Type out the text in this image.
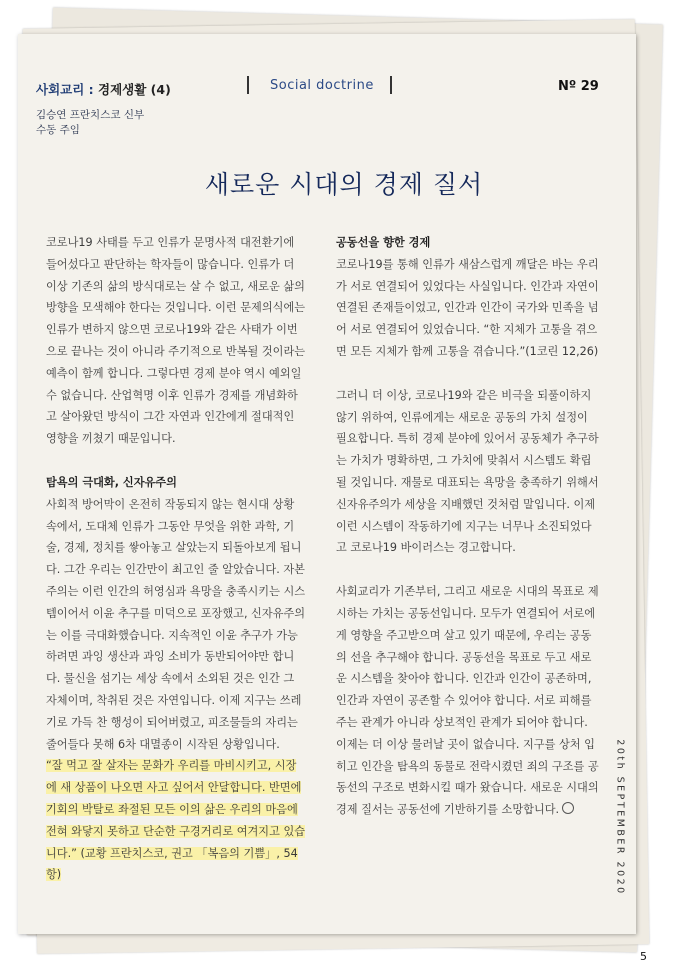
사회교리 : 경제생활 (4)	Social doctrine	Nº 29
김승연 프란치스코 신부
수동 주임
새로운 시대의 경제 질서

코로나19 사태를 두고 인류가 문명사적 대전환기에 들어섰다고 판단하는 학자들이 많습니다. 인류가 더 이상 기존의 삶의 방식대로는 살 수 없고, 새로운 삶의 방향을 모색해야 한다는 것입니다. 이런 문제의식에는 인류가 변하지 않으면 코로나19와 같은 사태가 이번으로 끝나는 것이 아니라 주기적으로 반복될 것이라는 예측이 함께 합니다. 그렇다면 경제 분야 역시 예외일 수 없습니다. 산업혁명 이후 인류가 경제를 개념화하고 살아왔던 방식이 그간 자연과 인간에게 절대적인 영향을 끼쳤기 때문입니다.

탐욕의 극대화, 신자유주의

사회적 방어막이 온전히 작동되지 않는 현시대 상황 속에서, 도대체 인류가 그동안 무엇을 위한 과학, 기술, 경제, 정치를 쌓아놓고 살았는지 되돌아보게 됩니다. 그간 우리는 인간만이 최고인 줄 알았습니다. 자본주의는 이런 인간의 허영심과 욕망을 충족시키는 시스템이어서 이윤 추구를 미덕으로 포장했고, 신자유주의는 이를 극대화했습니다. 지속적인 이윤 추구가 가능하려면 과잉 생산과 과잉 소비가 동반되어야만 합니다. 물신을 섬기는 세상 속에서 소외된 것은 인간 그 자체이며, 착취된 것은 자연입니다. 이제 지구는 쓰레기로 가득 찬 행성이 되어버렸고, 피조물들의 자리는 줄어들다 못해 6차 대멸종이 시작된 상황입니다.

“잘 먹고 잘 살자는 문화가 우리를 마비시키고, 시장에 새 상품이 나오면 사고 싶어서 안달합니다. 반면에 기회의 박탈로 좌절된 모든 이의 삶은 우리의 마음에 전혀 와닿지 못하고 단순한 구경거리로 여겨지고 있습니다.” (교황 프란치스코, 권고 「복음의 기쁨」, 54항)

공동선을 향한 경제

코로나19를 통해 인류가 새삼스럽게 깨달은 바는 우리가 서로 연결되어 있었다는 사실입니다. 인간과 자연이 연결된 존재들이었고, 인간과 인간이 국가와 민족을 넘어 서로 연결되어 있었습니다. “한 지체가 고통을 겪으면 모든 지체가 함께 고통을 겪습니다.”(1코린 12,26)

그러니 더 이상, 코로나19와 같은 비극을 되풀이하지 않기 위하여, 인류에게는 새로운 공동의 가치 설정이 필요합니다. 특히 경제 분야에 있어서 공동체가 추구하는 가치가 명확하면, 그 가치에 맞춰서 시스템도 확립될 것입니다. 재물로 대표되는 욕망을 충족하기 위해서 신자유주의가 세상을 지배했던 것처럼 말입니다. 이제 이런 시스템이 작동하기에 지구는 너무나 소진되었다고 코로나19 바이러스는 경고합니다.

사회교리가 기존부터, 그리고 새로운 시대의 목표로 제시하는 가치는 공동선입니다. 모두가 연결되어 서로에게 영향을 주고받으며 살고 있기 때문에, 우리는 공동의 선을 추구해야 합니다. 공동선을 목표로 두고 새로운 시스템을 찾아야 합니다. 인간과 인간이 공존하며, 인간과 자연이 공존할 수 있어야 합니다. 서로 피해를 주는 관계가 아니라 상보적인 관계가 되어야 합니다. 이제는 더 이상 물러날 곳이 없습니다. 지구를 상처 입히고 인간을 탐욕의 동물로 전락시켰던 죄의 구조를 공동선의 구조로 변화시킬 때가 왔습니다. 새로운 시대의 경제 질서는 공동선에 기반하기를 소망합니다.	20th SEPTEMBER 2020
5
